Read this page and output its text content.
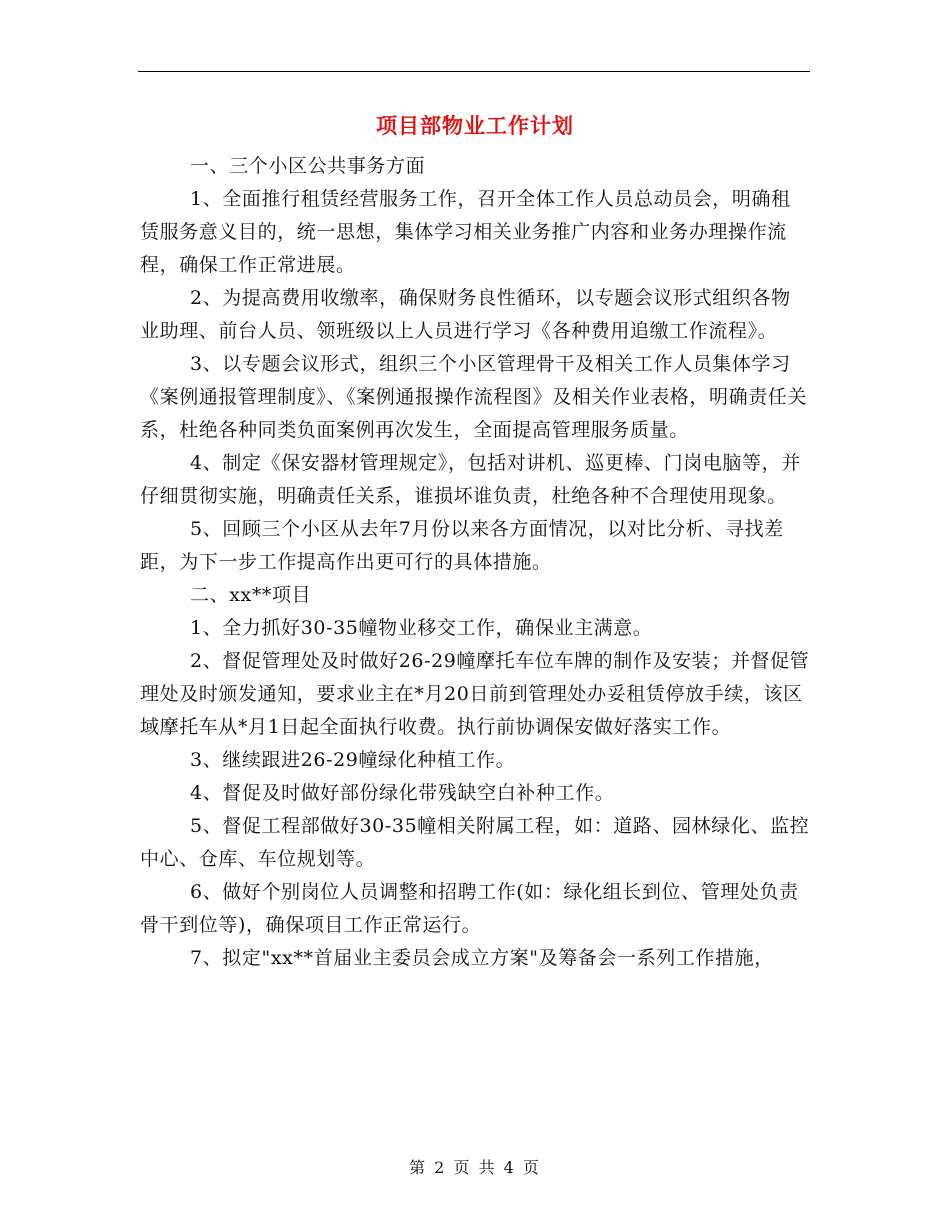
项目部物业工作计划

一、三个小区公共事务方面

1、全面推行租赁经营服务工作，召开全体工作人员总动员会，明确租赁服务意义目的，统一思想，集体学习相关业务推广内容和业务办理操作流程，确保工作正常进展。

2、为提高费用收缴率，确保财务良性循环，以专题会议形式组织各物业助理、前台人员、领班级以上人员进行学习《各种费用追缴工作流程》。

3、以专题会议形式，组织三个小区管理骨干及相关工作人员集体学习《案例通报管理制度》、《案例通报操作流程图》及相关作业表格，明确责任关系，杜绝各种同类负面案例再次发生，全面提高管理服务质量。

4、制定《保安器材管理规定》，包括对讲机、巡更棒、门岗电脑等，并仔细贯彻实施，明确责任关系，谁损坏谁负责，杜绝各种不合理使用现象。

5、回顾三个小区从去年7月份以来各方面情况，以对比分析、寻找差距，为下一步工作提高作出更可行的具体措施。

二、xx**项目

1、全力抓好30-35幢物业移交工作，确保业主满意。

2、督促管理处及时做好26-29幢摩托车位车牌的制作及安装；并督促管理处及时颁发通知，要求业主在*月20日前到管理处办妥租赁停放手续，该区域摩托车从*月1日起全面执行收费。执行前协调保安做好落实工作。

3、继续跟进26-29幢绿化种植工作。

4、督促及时做好部份绿化带残缺空白补种工作。

5、督促工程部做好30-35幢相关附属工程，如：道路、园林绿化、监控中心、仓库、车位规划等。

6、做好个别岗位人员调整和招聘工作(如：绿化组长到位、管理处负责骨干到位等)，确保项目工作正常运行。

7、拟定"xx**首届业主委员会成立方案"及筹备会一系列工作措施，

第 2 页 共 4 页
